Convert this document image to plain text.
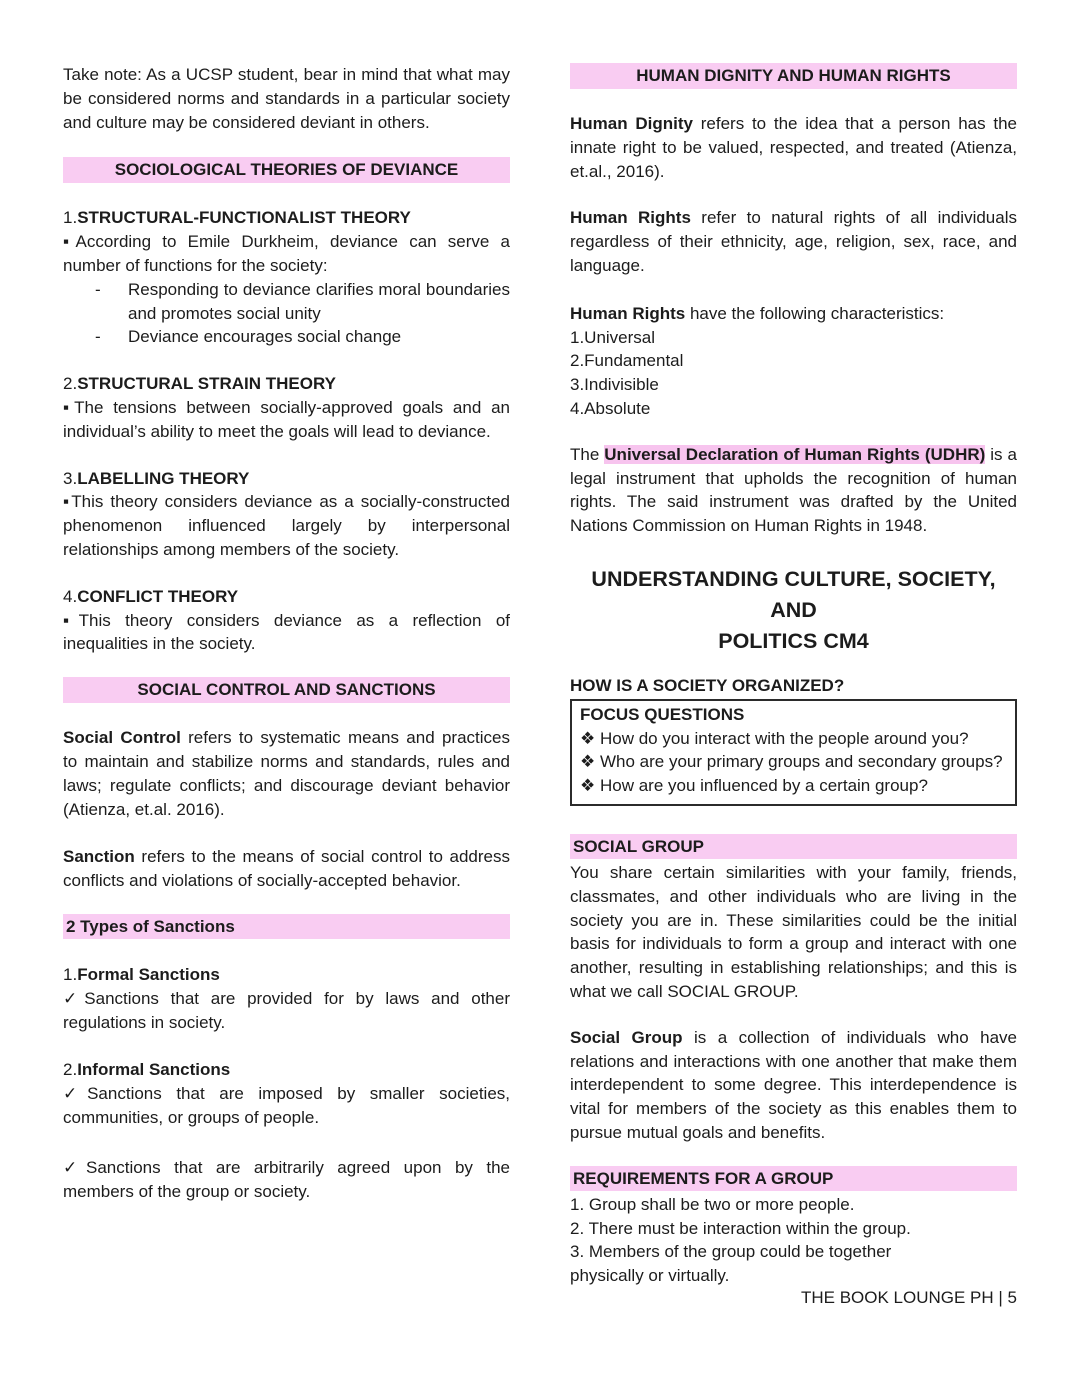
Take note: As a UCSP student, bear in mind that what may be considered norms and standards in a particular society and culture may be considered deviant in others.

SOCIOLOGICAL THEORIES OF DEVIANCE
1.STRUCTURAL-FUNCTIONALIST THEORY

▪According to Emile Durkheim, deviance can serve a number of functions for the society:

-	Responding to deviance clarifies moral boundaries and promotes social unity
-	Deviance encourages social change
2.STRUCTURAL STRAIN THEORY

▪The tensions between socially-approved goals and an individual’s ability to meet the goals will lead to deviance.

3.LABELLING THEORY

▪This theory considers deviance as a socially-constructed phenomenon influenced largely by interpersonal relationships among members of the society.

4.CONFLICT THEORY

▪This theory considers deviance as a reflection of inequalities in the society.

SOCIAL CONTROL AND SANCTIONS

Social Control refers to systematic means and practices to maintain and stabilize norms and standards, rules and laws; regulate conflicts; and discourage deviant behavior (Atienza, et.al. 2016).

Sanction refers to the means of social control to address conflicts and violations of socially-accepted behavior.

2 Types of Sanctions
1.Formal Sanctions

✓Sanctions that are provided for by laws and other regulations in society.

2.Informal Sanctions

✓Sanctions that are imposed by smaller societies, communities, or groups of people.

✓Sanctions that are arbitrarily agreed upon by the members of the group or society.

HUMAN DIGNITY AND HUMAN RIGHTS

Human Dignity refers to the idea that a person has the innate right to be valued, respected, and treated (Atienza, et.al., 2016).

Human Rights refer to natural rights of all individuals regardless of their ethnicity, age, religion, sex, race, and language.

Human Rights have the following characteristics:

1.Universal
2.Fundamental
3.Indivisible
4.Absolute

The Universal Declaration of Human Rights (UDHR) is a legal instrument that upholds the recognition of human rights. The said instrument was drafted by the United Nations Commission on Human Rights in 1948.

UNDERSTANDING CULTURE, SOCIETY, AND
POLITICS CM4
HOW IS A SOCIETY ORGANIZED?
FOCUS QUESTIONS
❖ How do you interact with the people around you?
❖ Who are your primary groups and secondary groups?
❖ How are you influenced by a certain group?
SOCIAL GROUP

You share certain similarities with your family, friends, classmates, and other individuals who are living in the society you are in. These similarities could be the initial basis for individuals to form a group and interact with one another, resulting in establishing relationships; and this is what we call SOCIAL GROUP.

Social Group is a collection of individuals who have relations and interactions with one another that make them interdependent to some degree. This interdependence is vital for members of the society as this enables them to pursue mutual goals and benefits.

REQUIREMENTS FOR A GROUP
1. Group shall be two or more people.
2. There must be interaction within the group.
3. Members of the group could be together physically or virtually.
THE BOOK LOUNGE PH | 5
